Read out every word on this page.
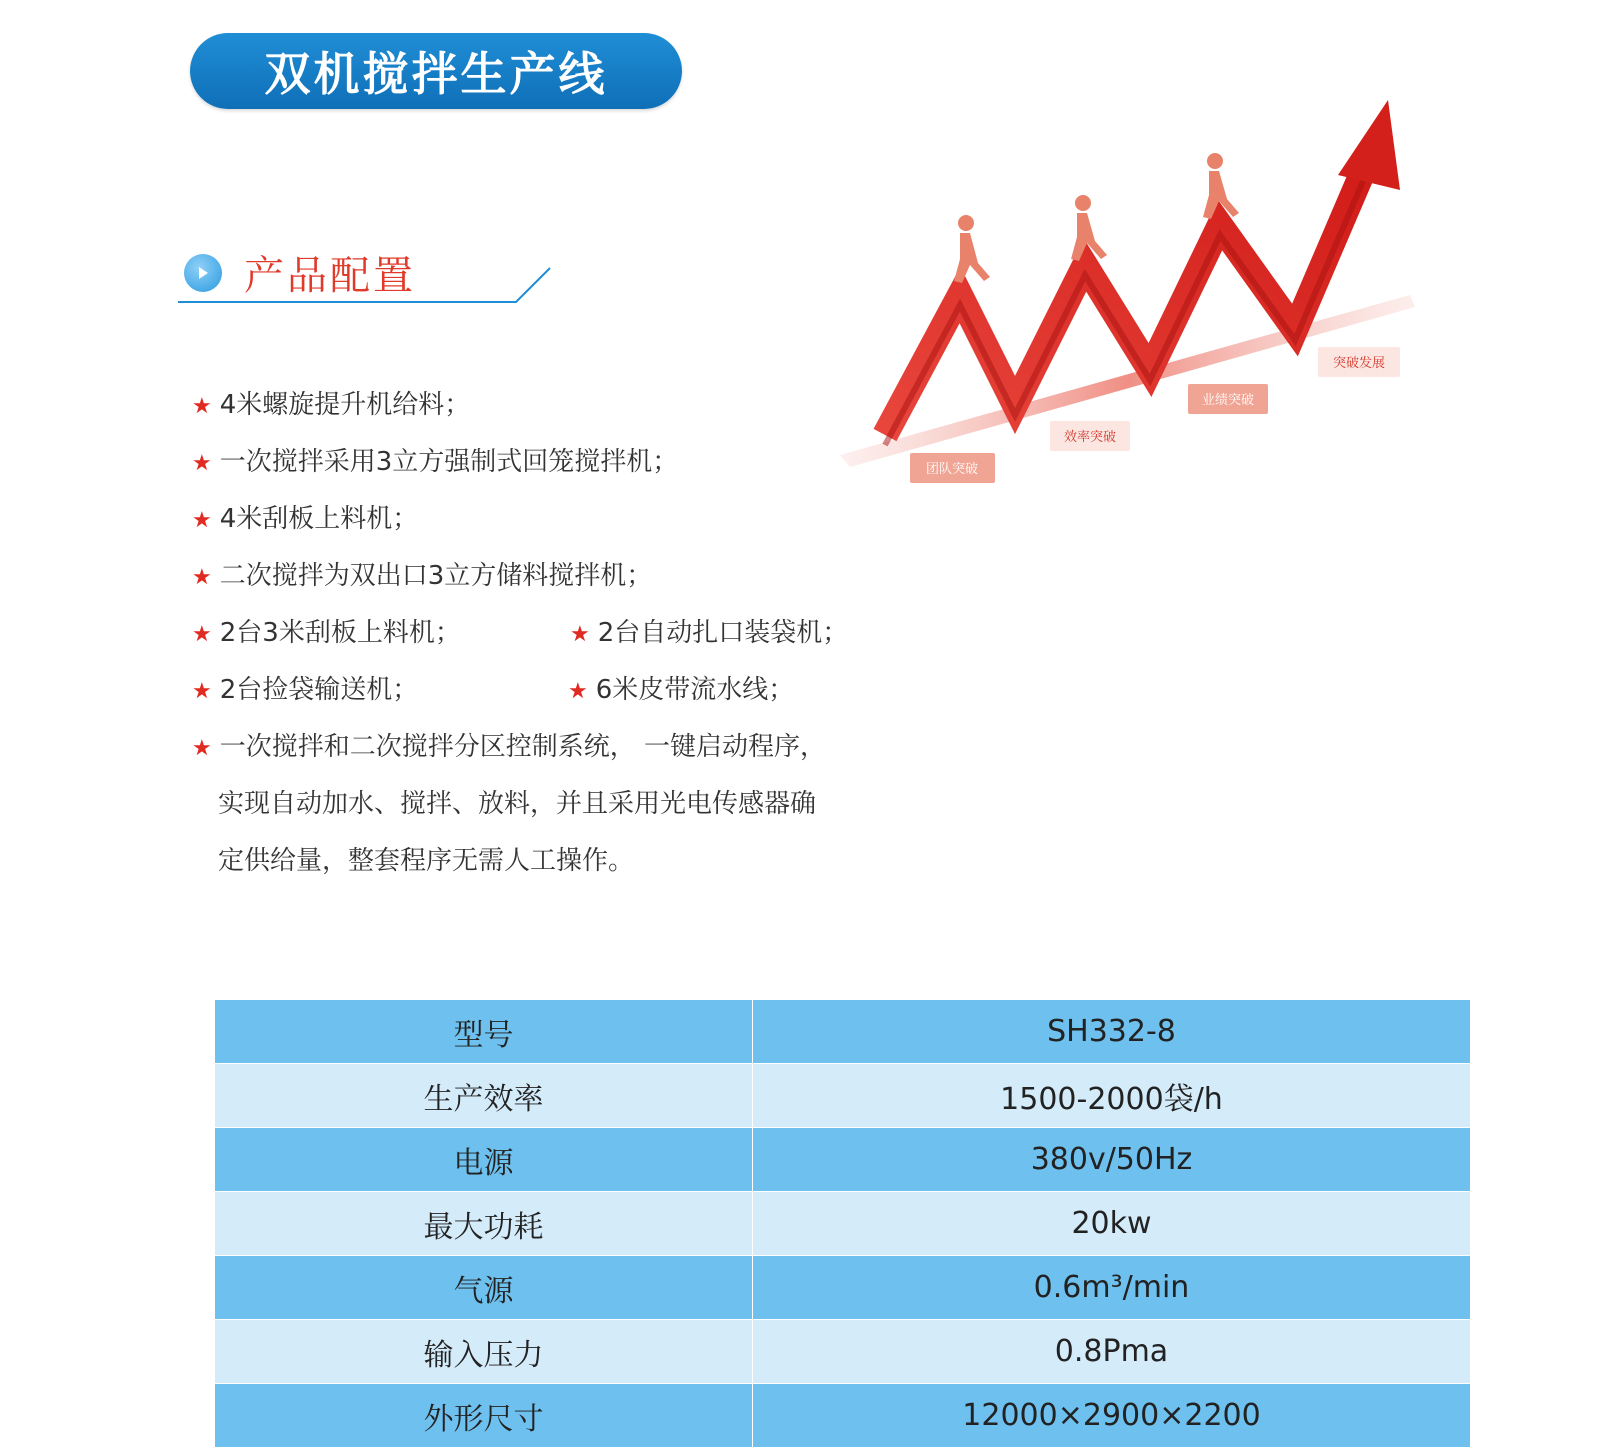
双机搅拌生产线
产品配置
★ 4米螺旋提升机给料；
★ 一次搅拌采用3立方强制式回笼搅拌机；
★ 4米刮板上料机；
★ 二次搅拌为双出口3立方储料搅拌机；
★ 2台3米刮板上料机；	★ 2台自动扎口装袋机；
★ 2台捡袋输送机；	★ 6米皮带流水线；
★ 一次搅拌和二次搅拌分区控制系统， 一键启动程序，
实现自动加水、搅拌、放料，并且采用光电传感器确
定供给量，整套程序无需人工操作。
团队突破
效率突破
业绩突破
突破发展
型号	SH332-8
生产效率	1500-2000袋/h
电源	380v/50Hz
最大功耗	20kw
气源	0.6m³/min
输入压力	0.8Pma
外形尺寸	12000×2900×2200
